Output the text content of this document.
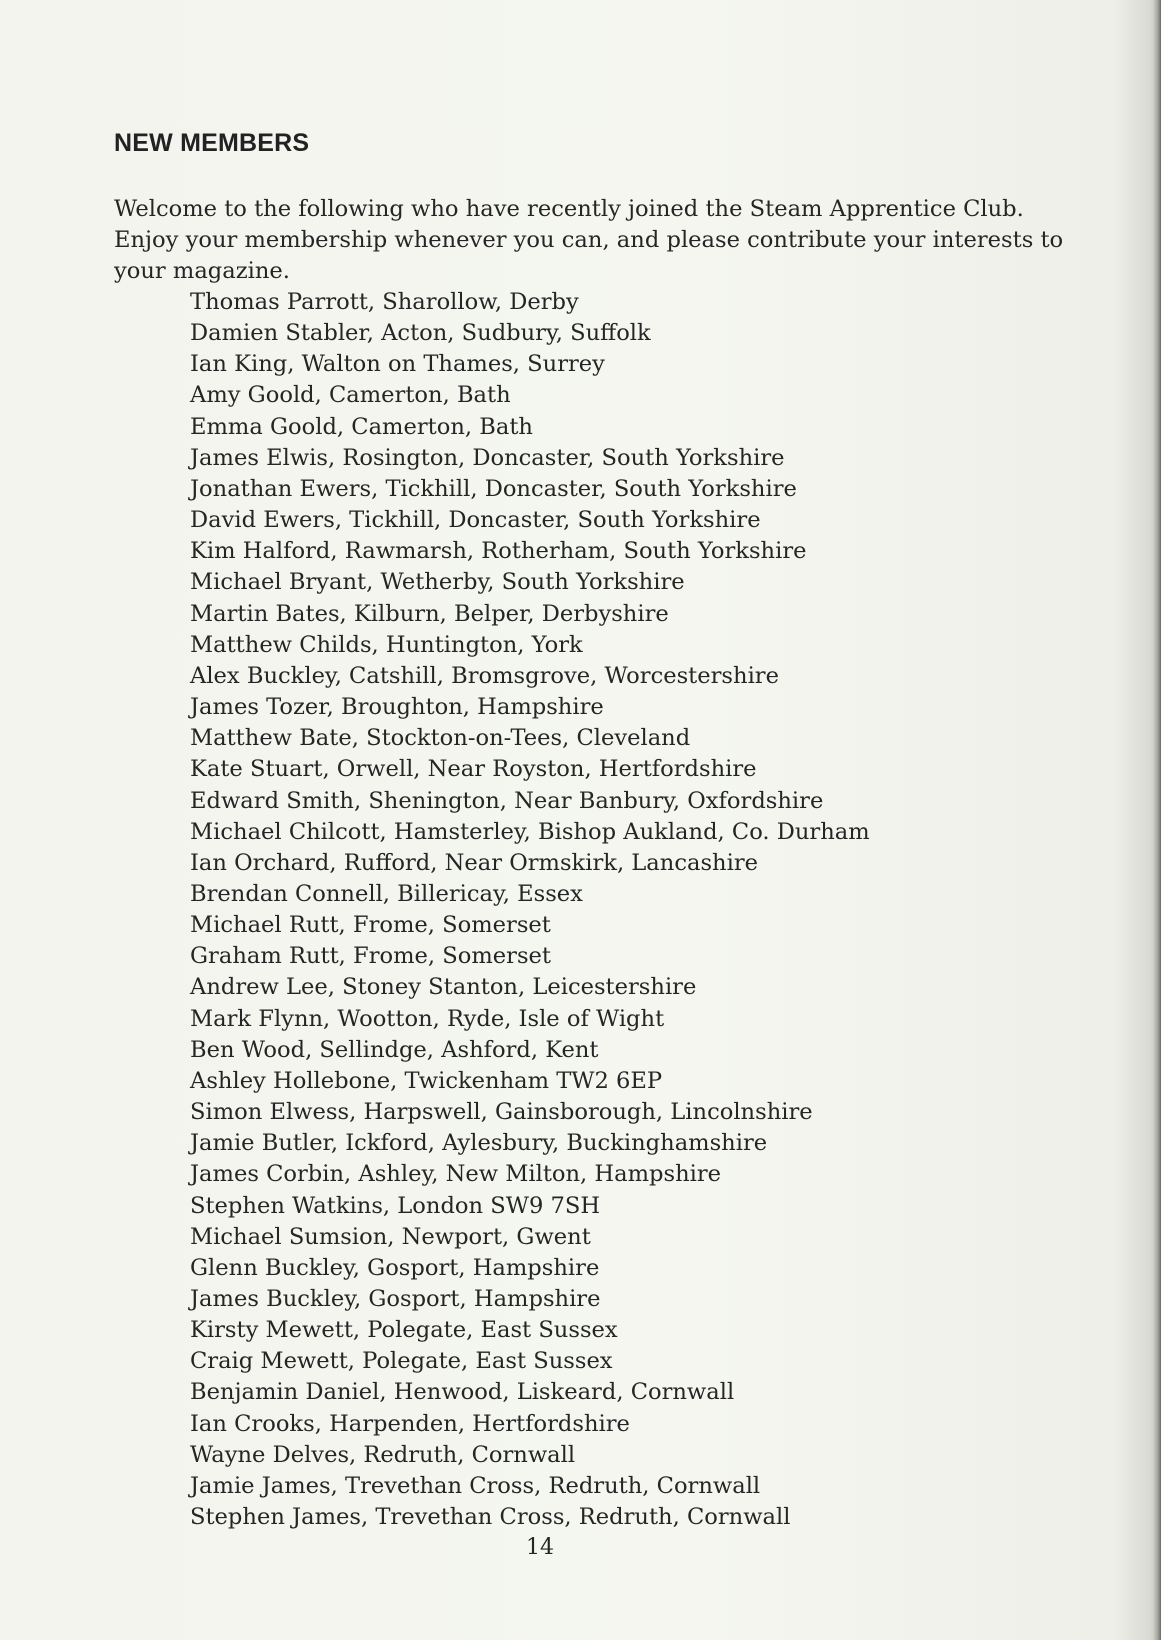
NEW MEMBERS

Welcome to the following who have recently joined the Steam Apprentice Club. Enjoy your membership whenever you can, and please contribute your interests to your magazine.

Thomas Parrott, Sharollow, Derby
Damien Stabler, Acton, Sudbury, Suffolk
Ian King, Walton on Thames, Surrey
Amy Goold, Camerton, Bath
Emma Goold, Camerton, Bath
James Elwis, Rosington, Doncaster, South Yorkshire
Jonathan Ewers, Tickhill, Doncaster, South Yorkshire
David Ewers, Tickhill, Doncaster, South Yorkshire
Kim Halford, Rawmarsh, Rotherham, South Yorkshire
Michael Bryant, Wetherby, South Yorkshire
Martin Bates, Kilburn, Belper, Derbyshire
Matthew Childs, Huntington, York
Alex Buckley, Catshill, Bromsgrove, Worcestershire
James Tozer, Broughton, Hampshire
Matthew Bate, Stockton-on-Tees, Cleveland
Kate Stuart, Orwell, Near Royston, Hertfordshire
Edward Smith, Shenington, Near Banbury, Oxfordshire
Michael Chilcott, Hamsterley, Bishop Aukland, Co. Durham
Ian Orchard, Rufford, Near Ormskirk, Lancashire
Brendan Connell, Billericay, Essex
Michael Rutt, Frome, Somerset
Graham Rutt, Frome, Somerset
Andrew Lee, Stoney Stanton, Leicestershire
Mark Flynn, Wootton, Ryde, Isle of Wight
Ben Wood, Sellindge, Ashford, Kent
Ashley Hollebone, Twickenham TW2 6EP
Simon Elwess, Harpswell, Gainsborough, Lincolnshire
Jamie Butler, Ickford, Aylesbury, Buckinghamshire
James Corbin, Ashley, New Milton, Hampshire
Stephen Watkins, London SW9 7SH
Michael Sumsion, Newport, Gwent
Glenn Buckley, Gosport, Hampshire
James Buckley, Gosport, Hampshire
Kirsty Mewett, Polegate, East Sussex
Craig Mewett, Polegate, East Sussex
Benjamin Daniel, Henwood, Liskeard, Cornwall
Ian Crooks, Harpenden, Hertfordshire
Wayne Delves, Redruth, Cornwall
Jamie James, Trevethan Cross, Redruth, Cornwall
Stephen James, Trevethan Cross, Redruth, Cornwall
14
